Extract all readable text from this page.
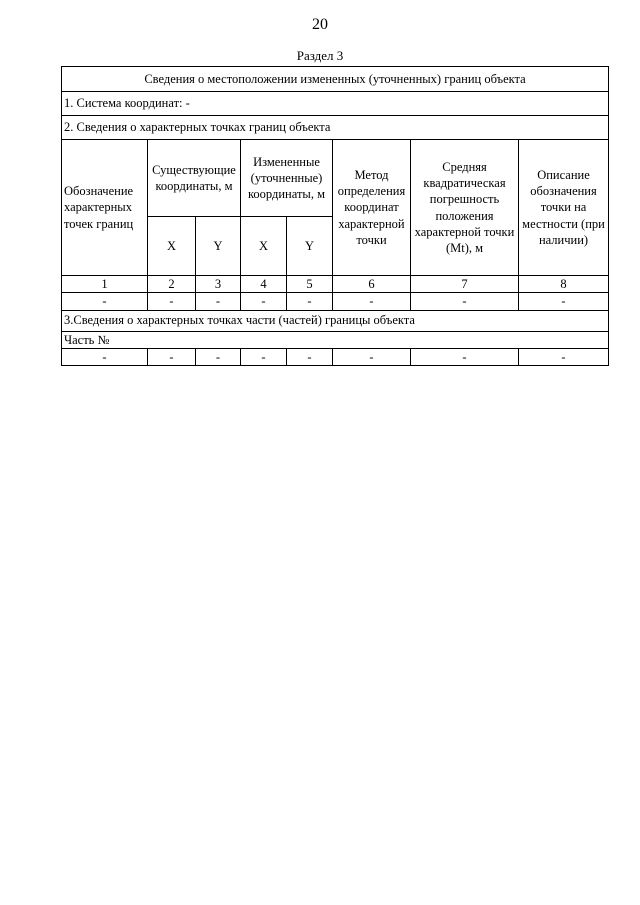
20
Раздел 3
Сведения о местоположении измененных (уточненных) границ объекта							
1. Система координат: -							
2. Сведения о характерных точках границ объекта							
Обозначение характерных точек границ	Существующие координаты, м		Измененные (уточненные) координаты, м		Метод определения координат характерной точки	Средняя квадратическая погрешность положения характерной точки (Mt), м	Описание обозначения точки на местности (при наличии)
	X	Y	X	Y			
1	2	3	4	5	6	7	8
-	-	-	-	-	-	-	-
3.Сведения о характерных точках части (частей) границы объекта							
Часть №							
-	-	-	-	-	-	-	-
